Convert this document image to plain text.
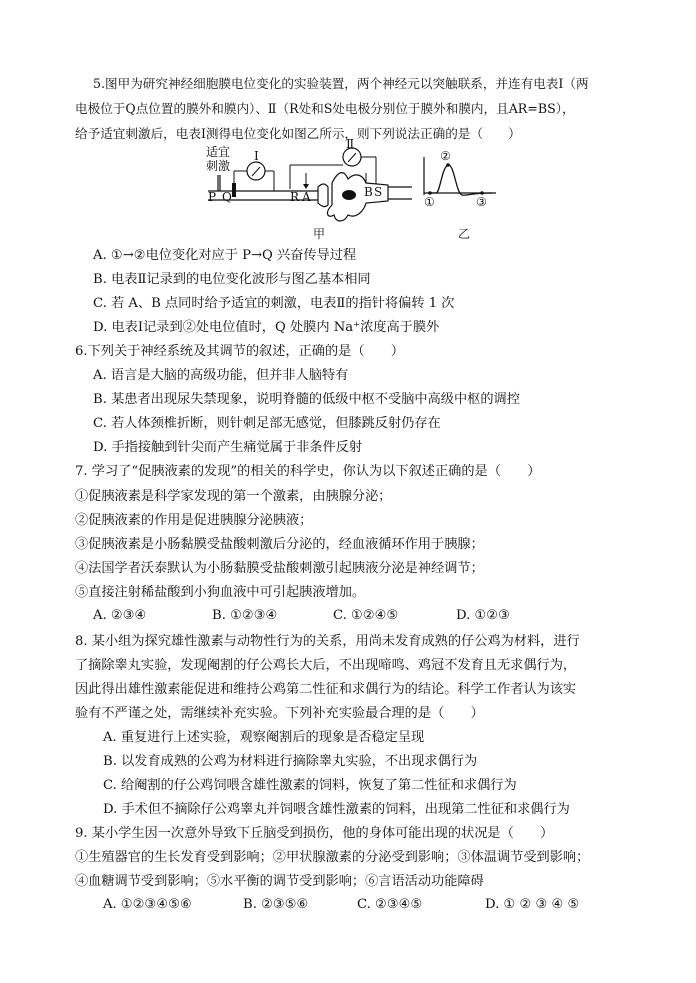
5.图甲为研究神经细胞膜电位变化的实验装置，两个神经元以突触联系，并连有电表Ⅰ（两
电极位于Q点位置的膜外和膜内）、Ⅱ（R处和S处电极分别位于膜外和膜内，且AR=BS），
给予适宜刺激后，电表Ⅰ测得电位变化如图乙所示，则下列说法正确的是（　　）
适宜
刺激
Ⅰ
Ⅱ
P Q	R A	B S
甲
①
②
③
乙
A. ①→②电位变化对应于 P→Q 兴奋传导过程
B. 电表Ⅱ记录到的电位变化波形与图乙基本相同
C. 若 A、B 点同时给予适宜的刺激，电表Ⅱ的指针将偏转 1 次
D. 电表Ⅰ记录到②处电位值时，Q 处膜内 Na⁺浓度高于膜外
6.下列关于神经系统及其调节的叙述，正确的是（　　）
A. 语言是大脑的高级功能，但并非人脑特有
B. 某患者出现尿失禁现象，说明脊髓的低级中枢不受脑中高级中枢的调控
C. 若人体颈椎折断，则针刺足部无感觉，但膝跳反射仍存在
D. 手指接触到针尖而产生痛觉属于非条件反射
7. 学习了“促胰液素的发现”的相关的科学史，你认为以下叙述正确的是（　　）
①促胰液素是科学家发现的第一个激素，由胰腺分泌；
②促胰液素的作用是促进胰腺分泌胰液；
③促胰液素是小肠黏膜受盐酸刺激后分泌的，经血液循环作用于胰腺；
④法国学者沃泰默认为小肠黏膜受盐酸刺激引起胰液分泌是神经调节；
⑤直接注射稀盐酸到小狗血液中可引起胰液增加。
A. ②③④	B. ①②③④	C. ①②④⑤	D. ①②③
8. 某小组为探究雄性激素与动物性行为的关系，用尚未发育成熟的仔公鸡为材料，进行
了摘除睾丸实验，发现阉割的仔公鸡长大后，不出现啼鸣、鸡冠不发育且无求偶行为，
因此得出雄性激素能促进和维持公鸡第二性征和求偶行为的结论。科学工作者认为该实
验有不严谨之处，需继续补充实验。下列补充实验最合理的是（　　）
A. 重复进行上述实验，观察阉割后的现象是否稳定呈现
B. 以发育成熟的公鸡为材料进行摘除睾丸实验，不出现求偶行为
C. 给阉割的仔公鸡饲喂含雄性激素的饲料，恢复了第二性征和求偶行为
D. 手术但不摘除仔公鸡睾丸并饲喂含雄性激素的饲料，出现第二性征和求偶行为
9. 某小学生因一次意外导致下丘脑受到损伤，他的身体可能出现的状况是（　　）
①生殖器官的生长发育受到影响；②甲状腺激素的分泌受到影响；③体温调节受到影响；
④血糖调节受到影响；⑤水平衡的调节受到影响；⑥言语活动功能障碍
A. ①②③④⑤⑥	B. ②③⑤⑥	C. ②③④⑤	D. ① ② ③ ④ ⑤
